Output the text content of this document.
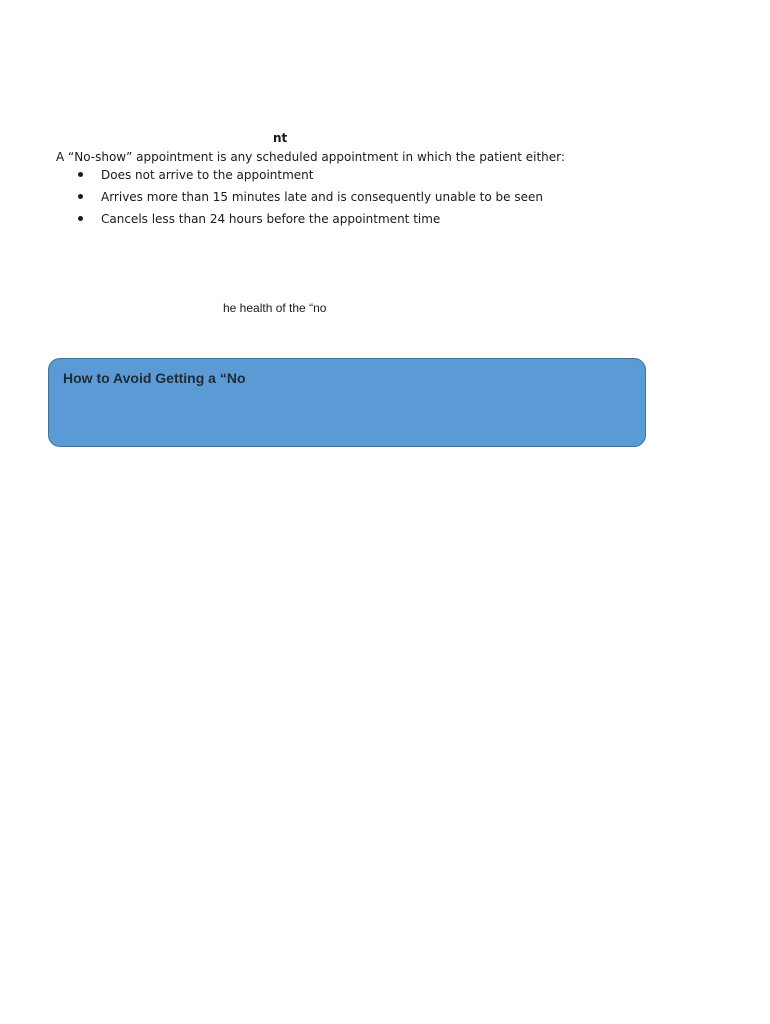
nt
A “No-show” appointment is any scheduled appointment in which the patient either:
Does not arrive to the appointment
Arrives more than 15 minutes late and is consequently unable to be seen
Cancels less than 24 hours before the appointment time
he health of the “no
How to Avoid Getting a “No
